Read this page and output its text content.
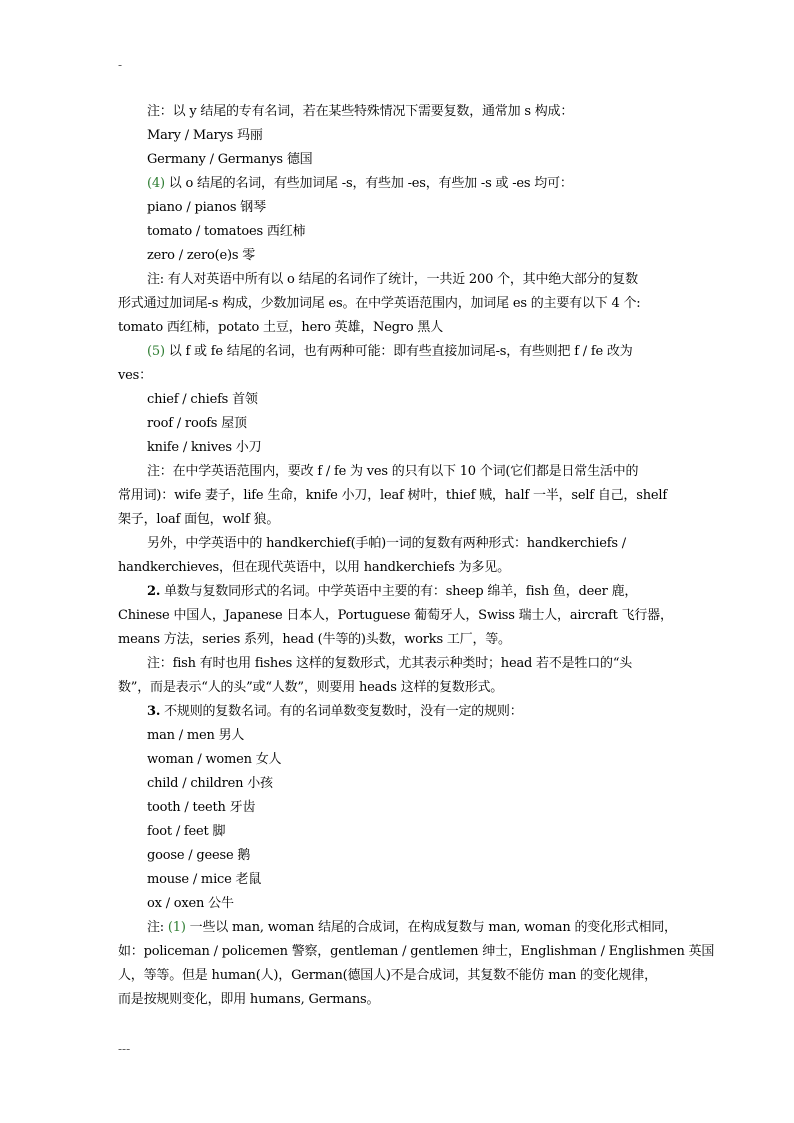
-

注：以 y 结尾的专有名词，若在某些特殊情况下需要复数，通常加 s 构成：

Mary / Marys 玛丽

Germany / Germanys 德国

(4) 以 o 结尾的名词，有些加词尾 -s，有些加 -es，有些加 -s 或 -es 均可：

piano / pianos 钢琴

tomato / tomatoes 西红柿

zero / zero(e)s 零

注: 有人对英语中所有以 o 结尾的名词作了统计，一共近 200 个，其中绝大部分的复数

形式通过加词尾-s 构成，少数加词尾 es。在中学英语范围内，加词尾 es 的主要有以下 4 个:

tomato 西红柿，potato 土豆，hero 英雄，Negro 黑人

(5) 以 f 或 fe 结尾的名词，也有两种可能：即有些直接加词尾-s，有些则把 f / fe 改为

ves：

chief / chiefs 首领

roof / roofs 屋顶

knife / knives 小刀

注：在中学英语范围内，要改 f / fe 为 ves 的只有以下 10 个词(它们都是日常生活中的

常用词)：wife 妻子，life 生命，knife 小刀，leaf 树叶，thief 贼，half 一半，self 自己，shelf

架子，loaf 面包，wolf 狼。

另外，中学英语中的 handkerchief(手帕)一词的复数有两种形式：handkerchiefs /

handkerchieves，但在现代英语中，以用 handkerchiefs 为多见。

2. 单数与复数同形式的名词。中学英语中主要的有：sheep 绵羊，fish 鱼，deer 鹿，

Chinese 中国人，Japanese 日本人，Portuguese 葡萄牙人，Swiss 瑞士人，aircraft 飞行器，

means 方法，series 系列，head (牛等的)头数，works 工厂，等。

注：fish 有时也用 fishes 这样的复数形式，尤其表示种类时；head 若不是牲口的“头

数”，而是表示“人的头”或“人数”，则要用 heads 这样的复数形式。

3. 不规则的复数名词。有的名词单数变复数时，没有一定的规则：

man / men 男人

woman / women 女人

child / children 小孩

tooth / teeth 牙齿

foot / feet 脚

goose / geese 鹅

mouse / mice 老鼠

ox / oxen 公牛

注: (1) 一些以 man, woman 结尾的合成词，在构成复数与 man, woman 的变化形式相同，

如：policeman / policemen 警察，gentleman / gentlemen 绅士，Englishman / Englishmen 英国

人，等等。但是 human(人)，German(德国人)不是合成词，其复数不能仿 man 的变化规律，

而是按规则变化，即用 humans, Germans。

---
